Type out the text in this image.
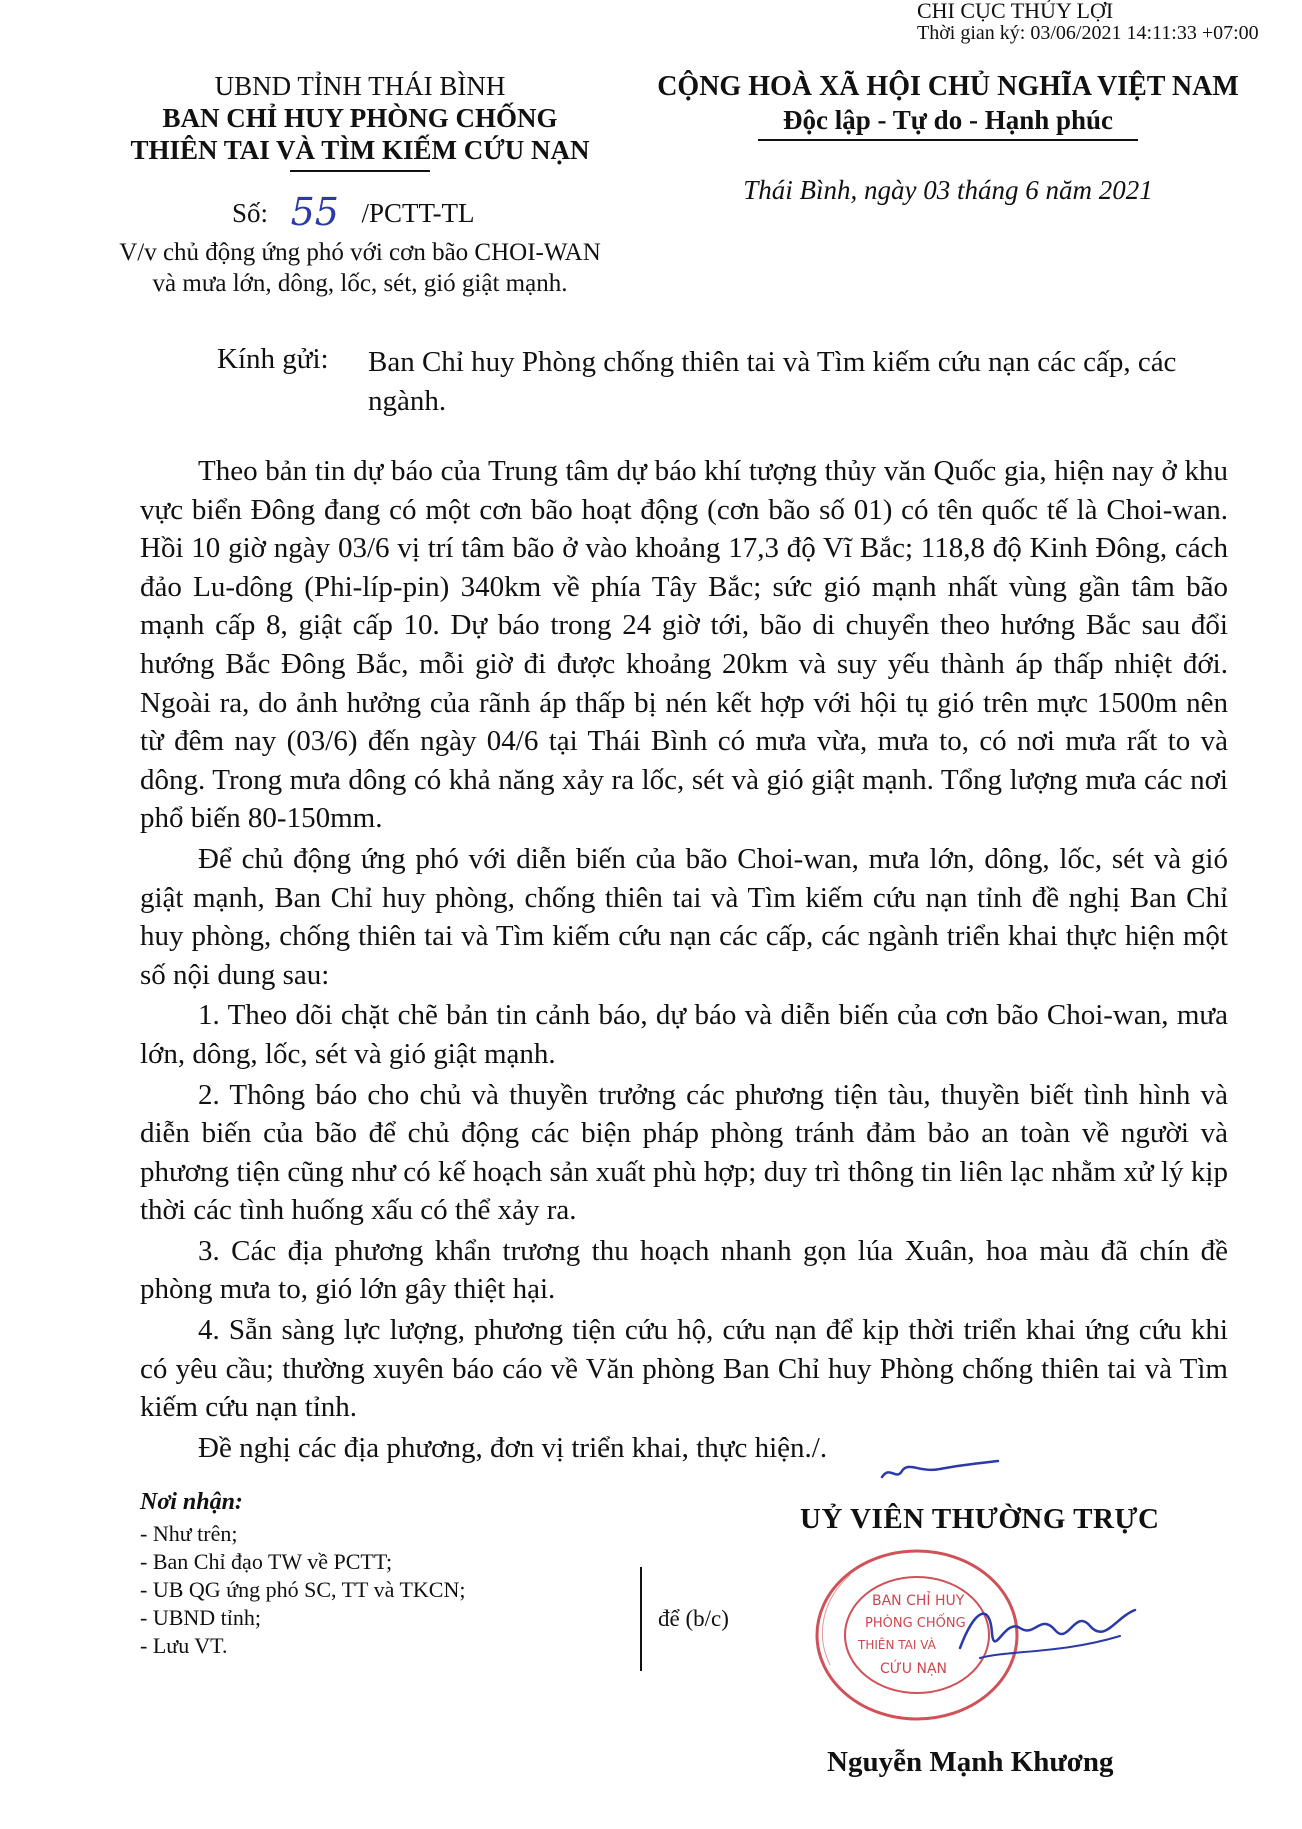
CHI CỤC THỦY LỢI
Thời gian ký: 03/06/2021 14:11:33 +07:00
UBND TỈNH THÁI BÌNH
BAN CHỈ HUY PHÒNG CHỐNG
THIÊN TAI VÀ TÌM KIẾM CỨU NẠN
CỘNG HOÀ XÃ HỘI CHỦ NGHĨA VIỆT NAM
Độc lập - Tự do - Hạnh phúc
Số: 55 /PCTT-TL
V/v chủ động ứng phó với cơn bão CHOI-WAN
và mưa lớn, dông, lốc, sét, gió giật mạnh.
Thái Bình, ngày 03 tháng 6 năm 2021
Kính gửi: Ban Chỉ huy Phòng chống thiên tai và Tìm kiếm cứu nạn các cấp, các ngành.

Theo bản tin dự báo của Trung tâm dự báo khí tượng thủy văn Quốc gia, hiện nay ở khu vực biển Đông đang có một cơn bão hoạt động (cơn bão số 01) có tên quốc tế là Choi-wan. Hồi 10 giờ ngày 03/6 vị trí tâm bão ở vào khoảng 17,3 độ Vĩ Bắc; 118,8 độ Kinh Đông, cách đảo Lu-dông (Phi-líp-pin) 340km về phía Tây Bắc; sức gió mạnh nhất vùng gần tâm bão mạnh cấp 8, giật cấp 10. Dự báo trong 24 giờ tới, bão di chuyển theo hướng Bắc sau đổi hướng Bắc Đông Bắc, mỗi giờ đi được khoảng 20km và suy yếu thành áp thấp nhiệt đới. Ngoài ra, do ảnh hưởng của rãnh áp thấp bị nén kết hợp với hội tụ gió trên mực 1500m nên từ đêm nay (03/6) đến ngày 04/6 tại Thái Bình có mưa vừa, mưa to, có nơi mưa rất to và dông. Trong mưa dông có khả năng xảy ra lốc, sét và gió giật mạnh. Tổng lượng mưa các nơi phổ biến 80-150mm.

Để chủ động ứng phó với diễn biến của bão Choi-wan, mưa lớn, dông, lốc, sét và gió giật mạnh, Ban Chỉ huy phòng, chống thiên tai và Tìm kiếm cứu nạn tỉnh đề nghị Ban Chỉ huy phòng, chống thiên tai và Tìm kiếm cứu nạn các cấp, các ngành triển khai thực hiện một số nội dung sau:

1. Theo dõi chặt chẽ bản tin cảnh báo, dự báo và diễn biến của cơn bão Choi-wan, mưa lớn, dông, lốc, sét và gió giật mạnh.

2. Thông báo cho chủ và thuyền trưởng các phương tiện tàu, thuyền biết tình hình và diễn biến của bão để chủ động các biện pháp phòng tránh đảm bảo an toàn về người và phương tiện cũng như có kế hoạch sản xuất phù hợp; duy trì thông tin liên lạc nhằm xử lý kịp thời các tình huống xấu có thể xảy ra.

3. Các địa phương khẩn trương thu hoạch nhanh gọn lúa Xuân, hoa màu đã chín đề phòng mưa to, gió lớn gây thiệt hại.

4. Sẵn sàng lực lượng, phương tiện cứu hộ, cứu nạn để kịp thời triển khai ứng cứu khi có yêu cầu; thường xuyên báo cáo về Văn phòng Ban Chỉ huy Phòng chống thiên tai và Tìm kiếm cứu nạn tỉnh.

Đề nghị các địa phương, đơn vị triển khai, thực hiện./.

Nơi nhận:
- Như trên;
- Ban Chỉ đạo TW về PCTT;
- UB QG ứng phó SC, TT và TKCN;
- UBND tỉnh;
- Lưu VT.
để (b/c)
BAN CHỈ HUY
PHÒNG CHỐNG
THIÊN TAI VÀ
CỨU NẠN
UỶ VIÊN THƯỜNG TRỰC
Nguyễn Mạnh Khương
